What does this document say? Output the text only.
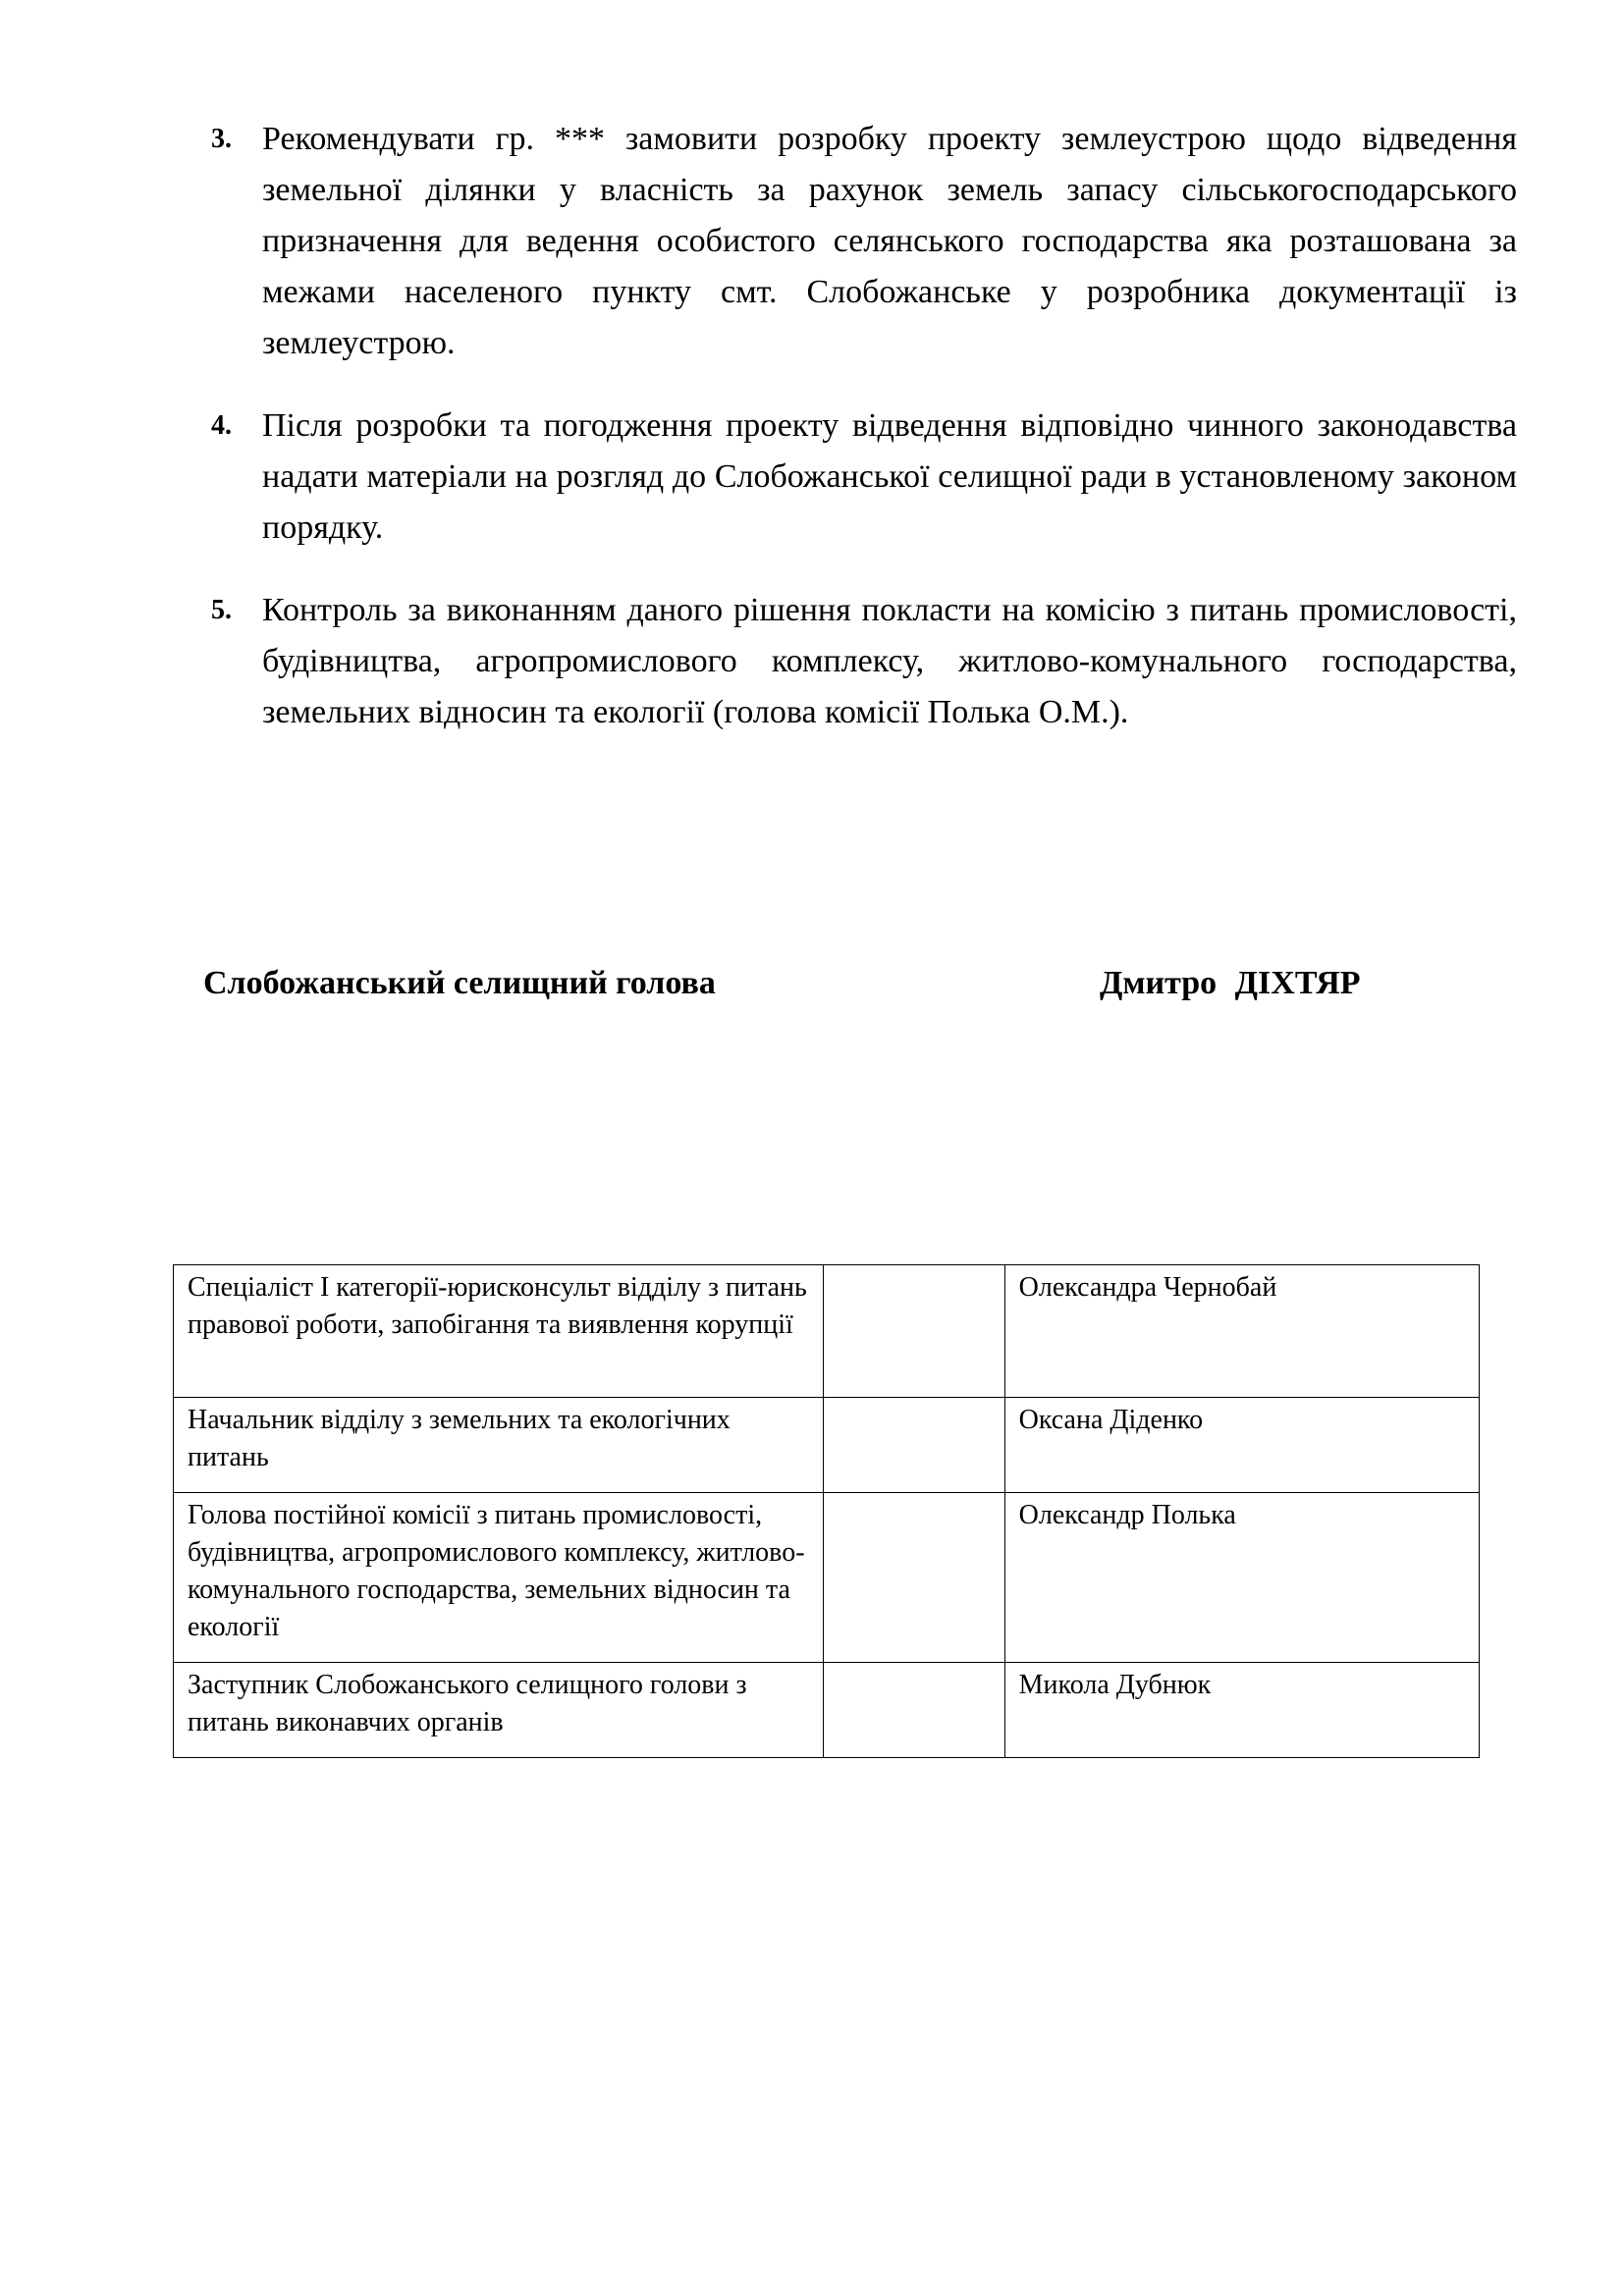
3. Рекомендувати гр. *** замовити розробку проекту землеустрою щодо відведення земельної ділянки у власність за рахунок земель запасу сільськогосподарського призначення для ведення особистого селянського господарства яка розташована за межами населеного пункту смт. Слобожанське у розробника документації із землеустрою.
4. Після розробки та погодження проекту відведення відповідно чинного законодавства надати матеріали на розгляд до Слобожанської селищної ради в установленому законом порядку.
5. Контроль за виконанням даного рішення покласти на комісію з питань промисловості, будівництва, агропромислового комплексу, житлово-комунального господарства, земельних відносин та екології (голова комісії Полька О.М.).
Слобожанський селищний голова	Дмитро ДІХТЯР
Спеціаліст І категорії-юрисконсульт відділу з питань правової роботи, запобігання та виявлення корупції		Олександра Чернобай
Начальник відділу з земельних та екологічних питань		Оксана Діденко
Голова постійної комісії з питань промисловості, будівництва, агропромислового комплексу, житлово-комунального господарства, земельних відносин та екології		Олександр Полька
Заступник Слобожанського селищного голови з питань виконавчих органів		Микола Дубнюк
